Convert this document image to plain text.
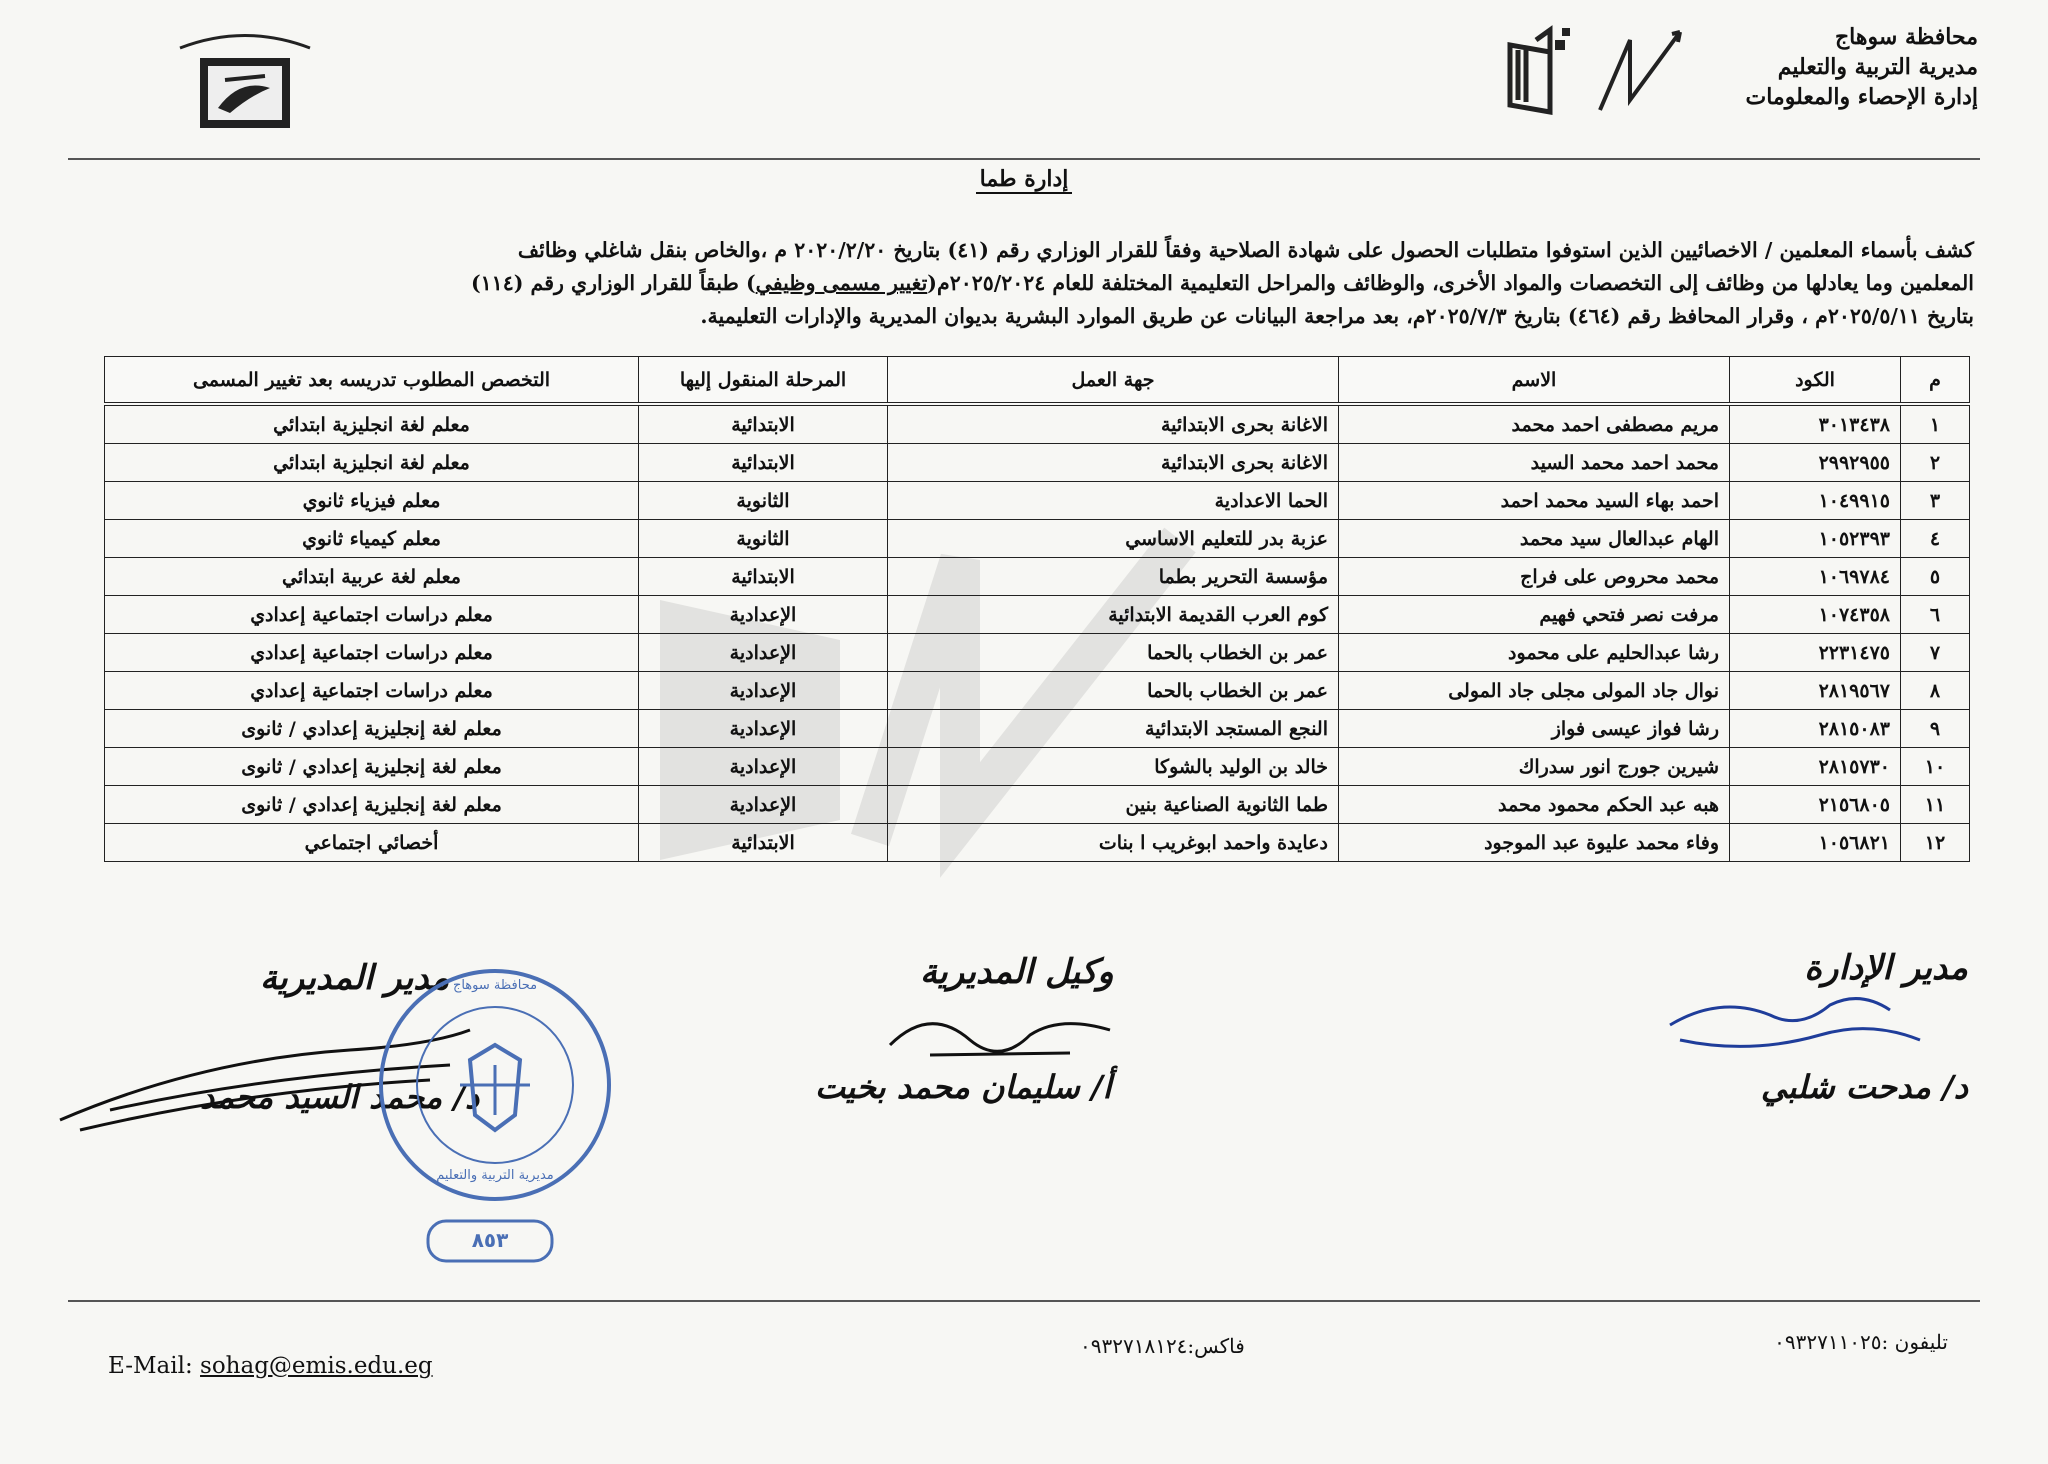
محافظة سوهاج
مديرية التربية والتعليم
إدارة الإحصاء والمعلومات
إدارة طما

كشف بأسماء المعلمين / الاخصائيين الذين استوفوا متطلبات الحصول على شهادة الصلاحية وفقاً للقرار الوزاري رقم (٤١) بتاريخ ٢٠٢٠/٢/٢٠ م ،والخاص بنقل شاغلي وظائف

المعلمين وما يعادلها من وظائف إلى التخصصات والمواد الأخرى، والوظائف والمراحل التعليمية المختلفة للعام ٢٠٢٥/٢٠٢٤م(تغيير مسمى وظيفي) طبقاً للقرار الوزاري رقم (١١٤)

بتاريخ ٢٠٢٥/٥/١١م ، وقرار المحافظ رقم (٤٦٤) بتاريخ ٢٠٢٥/٧/٣م، بعد مراجعة البيانات عن طريق الموارد البشرية بديوان المديرية والإدارات التعليمية.

م	الكود	الاسم	جهة العمل	المرحلة المنقول إليها	التخصص المطلوب تدريسه بعد تغيير المسمى
١	٣٠١٣٤٣٨	مريم مصطفى احمد محمد	الاغانة بحرى الابتدائية	الابتدائية	معلم لغة انجليزية ابتدائي
٢	٢٩٩٢٩٥٥	محمد احمد محمد السيد	الاغانة بحرى الابتدائية	الابتدائية	معلم لغة انجليزية ابتدائي
٣	١٠٤٩٩١٥	احمد بهاء السيد محمد احمد	الحما الاعدادية	الثانوية	معلم فيزياء ثانوي
٤	١٠٥٢٣٩٣	الهام عبدالعال سيد محمد	عزبة بدر للتعليم الاساسي	الثانوية	معلم كيمياء ثانوي
٥	١٠٦٩٧٨٤	محمد محروص على فراج	مؤسسة التحرير بطما	الابتدائية	معلم لغة عربية ابتدائي
٦	١٠٧٤٣٥٨	مرفت نصر فتحي فهيم	كوم العرب القديمة الابتدائية	الإعدادية	معلم دراسات اجتماعية إعدادي
٧	٢٢٣١٤٧٥	رشا عبدالحليم على محمود	عمر بن الخطاب بالحما	الإعدادية	معلم دراسات اجتماعية إعدادي
٨	٢٨١٩٥٦٧	نوال جاد المولى مجلى جاد المولى	عمر بن الخطاب بالحما	الإعدادية	معلم دراسات اجتماعية إعدادي
٩	٢٨١٥٠٨٣	رشا فواز عيسى فواز	النجع المستجد الابتدائية	الإعدادية	معلم لغة إنجليزية إعدادي / ثانوى
١٠	٢٨١٥٧٣٠	شيرين جورج انور سدراك	خالد بن الوليد بالشوكا	الإعدادية	معلم لغة إنجليزية إعدادي / ثانوى
١١	٢١٥٦٨٠٥	هبه عبد الحكم محمود محمد	طما الثانوية الصناعية بنين	الإعدادية	معلم لغة إنجليزية إعدادي / ثانوى
١٢	١٠٥٦٨٢١	وفاء محمد عليوة عبد الموجود	دعايدة واحمد ابوغريب ا بنات	الابتدائية	أخصائي اجتماعي
مدير الإدارة
د/ مدحت شلبي
وكيل المديرية
أ/ سليمان محمد بخيت
مدير المديرية
د/ محمد السيد محمد
محافظة سوهاج
مديرية التربية والتعليم
٨٥٣
تليفون :٠٩٣٢٧١١٠٢٥
فاكس:٠٩٣٢٧١٨١٢٤
E-Mail: sohag@emis.edu.eg
